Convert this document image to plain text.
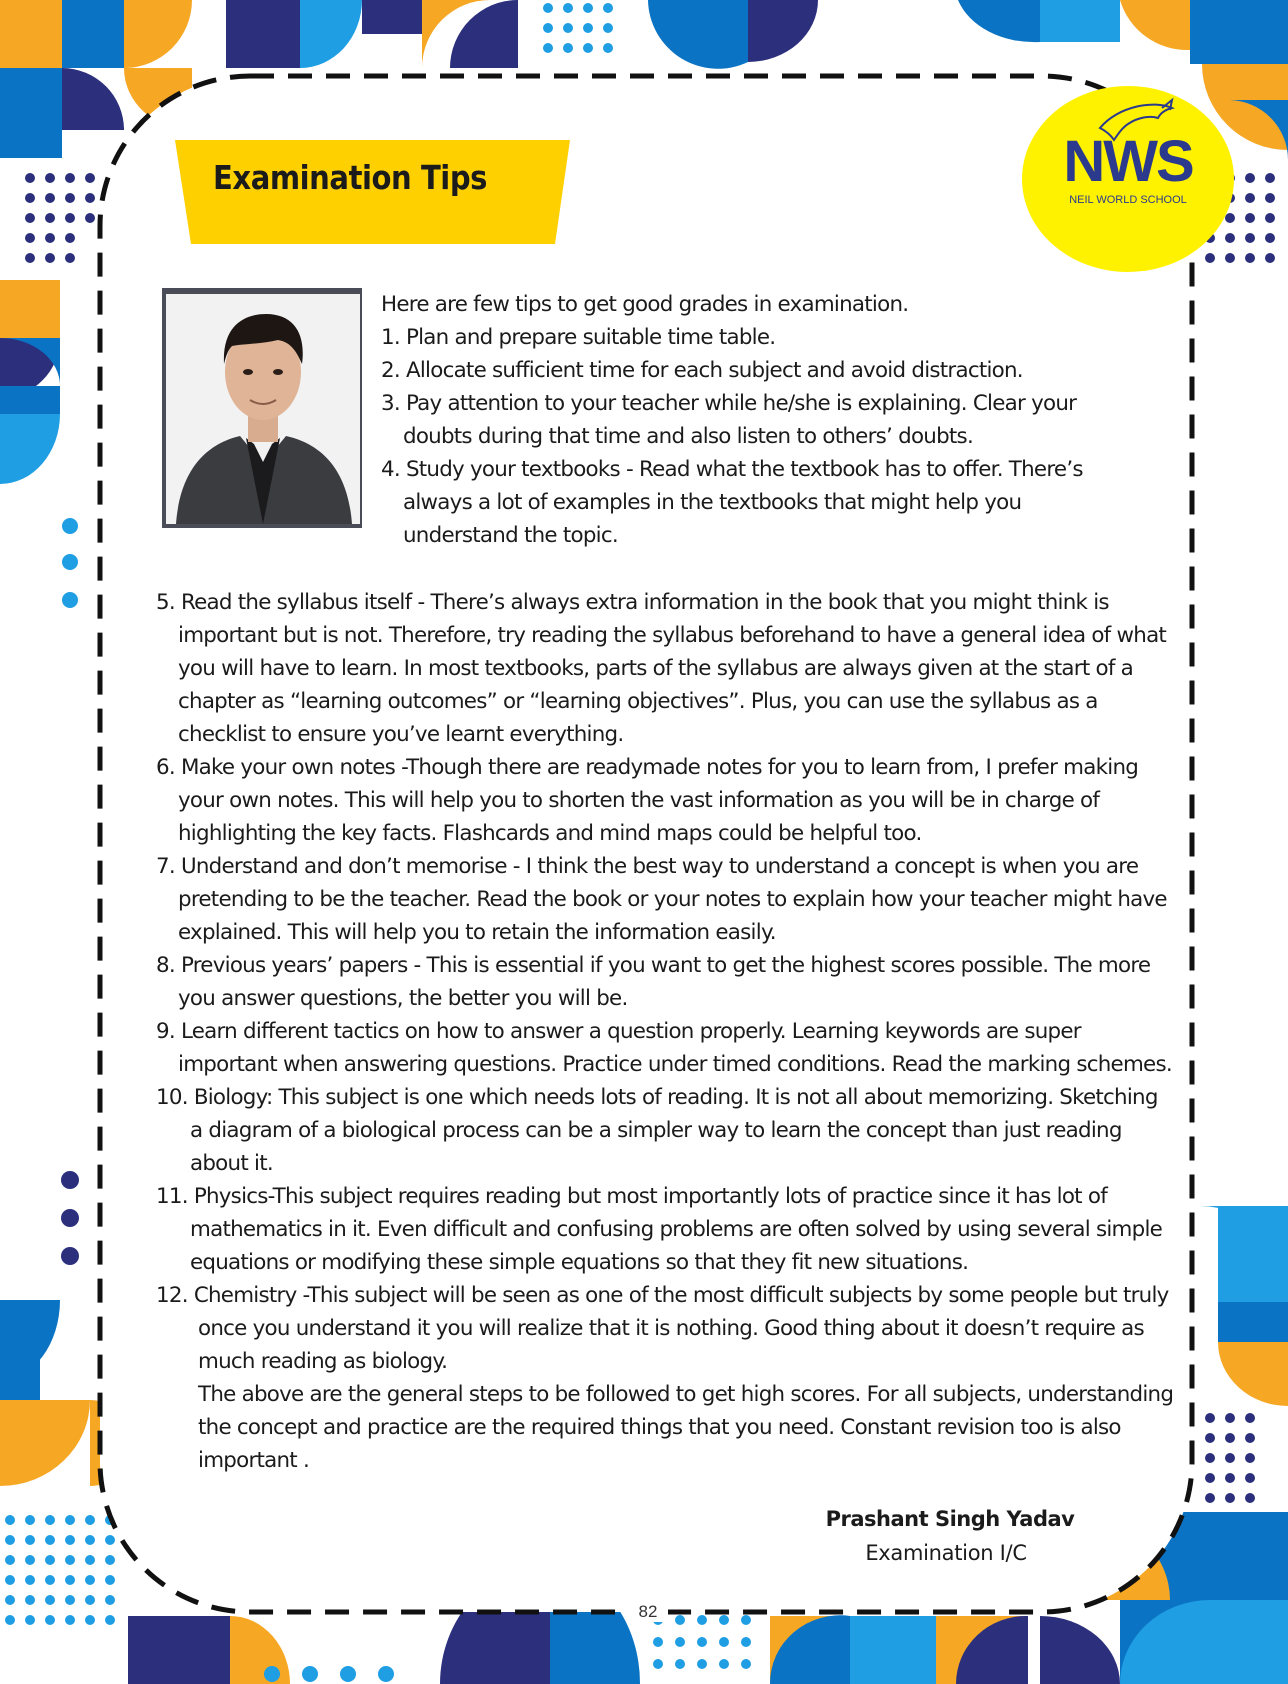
Examination Tips	NWS
NEIL WORLD SCHOOL
Here are few tips to get good grades in examination.
1. Plan and prepare suitable time table.
2. Allocate sufficient time for each subject and avoid distraction.
3. Pay attention to your teacher while he/she is explaining. Clear your doubts during that time and also listen to others’ doubts.
4. Study your textbooks - Read what the textbook has to offer. There’s always a lot of examples in the textbooks that might help you understand the topic.
5. Read the syllabus itself - There’s always extra information in the book that you might think is important but is not. Therefore, try reading the syllabus beforehand to have a general idea of what you will have to learn. In most textbooks, parts of the syllabus are always given at the start of a chapter as “learning outcomes” or “learning objectives”. Plus, you can use the syllabus as a checklist to ensure you’ve learnt everything.
6. Make your own notes -Though there are readymade notes for you to learn from, I prefer making your own notes. This will help you to shorten the vast information as you will be in charge of highlighting the key facts. Flashcards and mind maps could be helpful too.
7. Understand and don’t memorise - I think the best way to understand a concept is when you are pretending to be the teacher. Read the book or your notes to explain how your teacher might have explained. This will help you to retain the information easily.
8. Previous years’ papers - This is essential if you want to get the highest scores possible. The more you answer questions, the better you will be.
9. Learn different tactics on how to answer a question properly. Learning keywords are super important when answering questions. Practice under timed conditions. Read the marking schemes.
10. Biology: This subject is one which needs lots of reading. It is not all about memorizing. Sketching a diagram of a biological process can be a simpler way to learn the concept than just reading about it.
11. Physics-This subject requires reading but most importantly lots of practice since it has lot of mathematics in it. Even difficult and confusing problems are often solved by using several simple equations or modifying these simple equations so that they fit new situations.
12. Chemistry -This subject will be seen as one of the most difficult subjects by some people but truly once you understand it you will realize that it is nothing. Good thing about it doesn’t require as much reading as biology.
The above are the general steps to be followed to get high scores. For all subjects, understanding the concept and practice are the required things that you need. Constant revision too is also important .
Prashant Singh Yadav
Examination I/C
82
